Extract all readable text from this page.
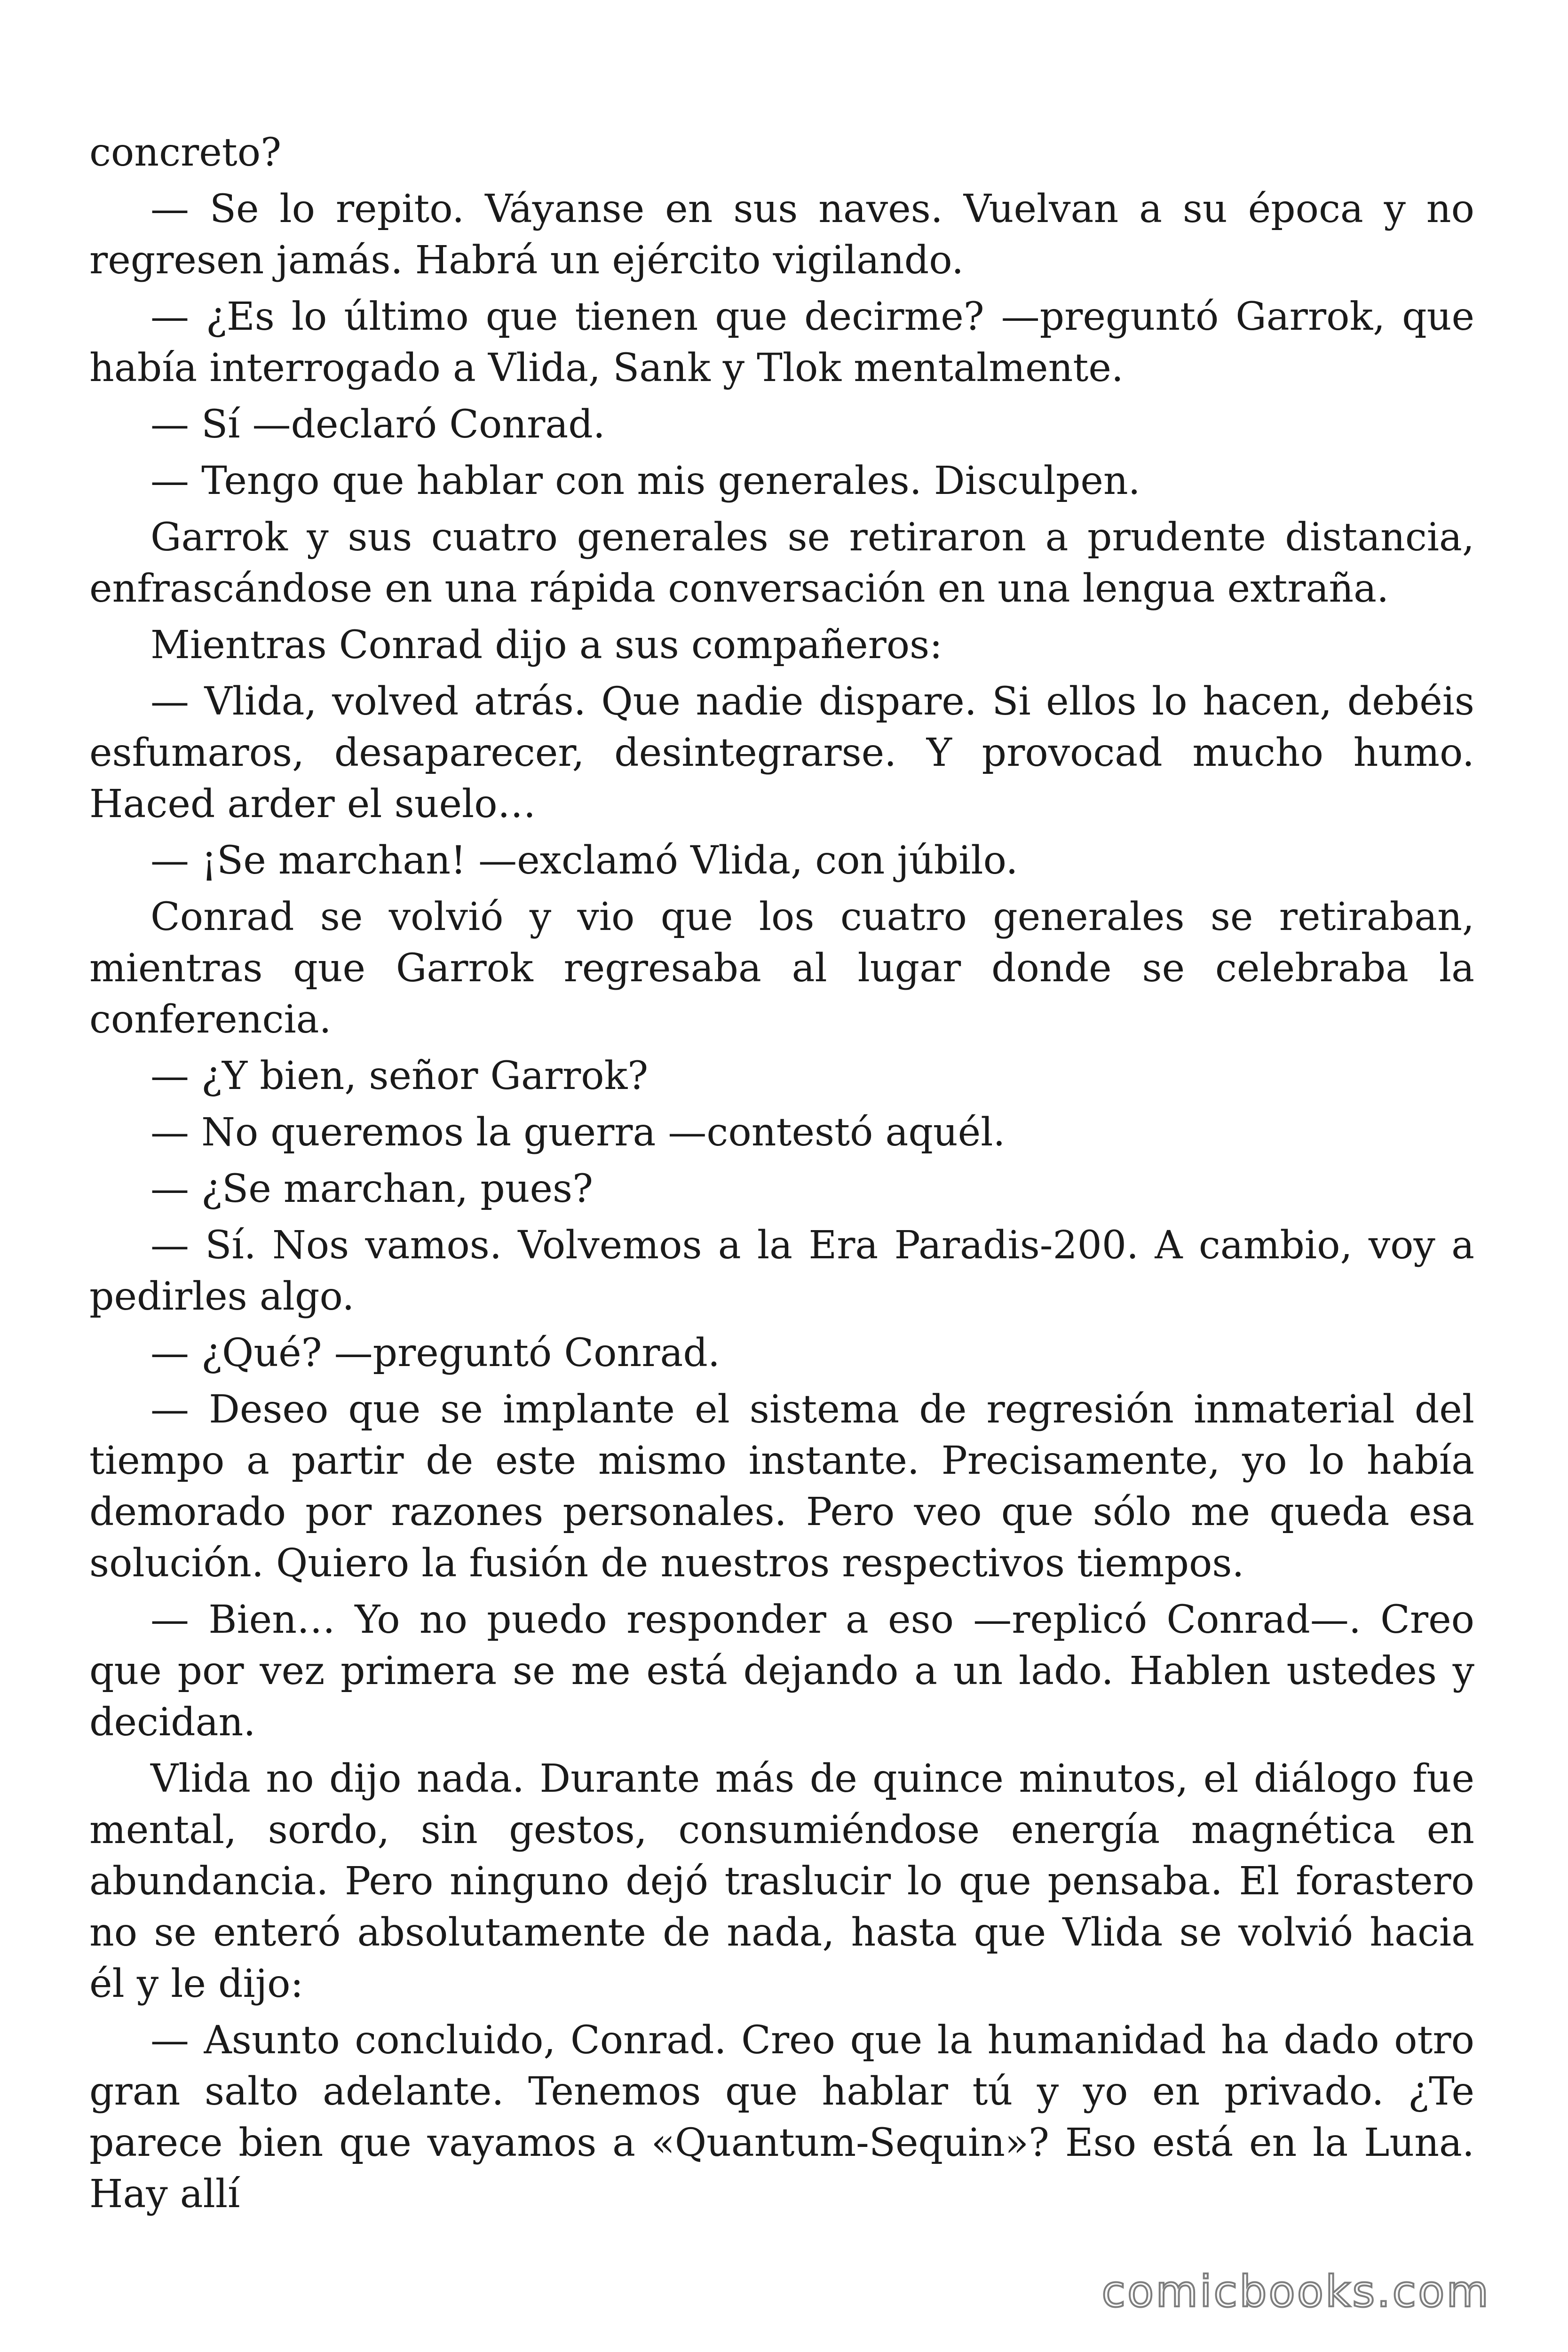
concreto?

— Se lo repito. Váyanse en sus naves. Vuelvan a su época y no regresen jamás. Habrá un ejército vigilando.

— ¿Es lo último que tienen que decirme? —preguntó Garrok, que había interrogado a Vlida, Sank y Tlok mentalmente.

— Sí —declaró Conrad.

— Tengo que hablar con mis generales. Disculpen.

Garrok y sus cuatro generales se retiraron a prudente distancia, enfrascándose en una rápida conversación en una lengua extraña.

Mientras Conrad dijo a sus compañeros:

— Vlida, volved atrás. Que nadie dispare. Si ellos lo hacen, debéis esfumaros, desaparecer, desintegrarse. Y provocad mucho humo. Haced arder el suelo…

— ¡Se marchan! —exclamó Vlida, con júbilo.

Conrad se volvió y vio que los cuatro generales se retiraban, mientras que Garrok regresaba al lugar donde se celebraba la conferencia.

— ¿Y bien, señor Garrok?

— No queremos la guerra —contestó aquél.

— ¿Se marchan, pues?

— Sí. Nos vamos. Volvemos a la Era Paradis-200. A cambio, voy a pedirles algo.

— ¿Qué? —preguntó Conrad.

— Deseo que se implante el sistema de regresión inmaterial del tiempo a partir de este mismo instante. Precisamente, yo lo había demorado por razones personales. Pero veo que sólo me queda esa solución. Quiero la fusión de nuestros respectivos tiempos.

— Bien… Yo no puedo responder a eso —replicó Conrad—. Creo que por vez primera se me está dejando a un lado. Hablen ustedes y decidan.

Vlida no dijo nada. Durante más de quince minutos, el diálogo fue mental, sordo, sin gestos, consumiéndose energía magnética en abundancia. Pero ninguno dejó traslucir lo que pensaba. El forastero no se enteró absolutamente de nada, hasta que Vlida se volvió hacia él y le dijo:

— Asunto concluido, Conrad. Creo que la humanidad ha dado otro gran salto adelante. Tenemos que hablar tú y yo en privado. ¿Te parece bien que vayamos a «Quantum-Sequin»? Eso está en la Luna. Hay allí

comicbooks.com
